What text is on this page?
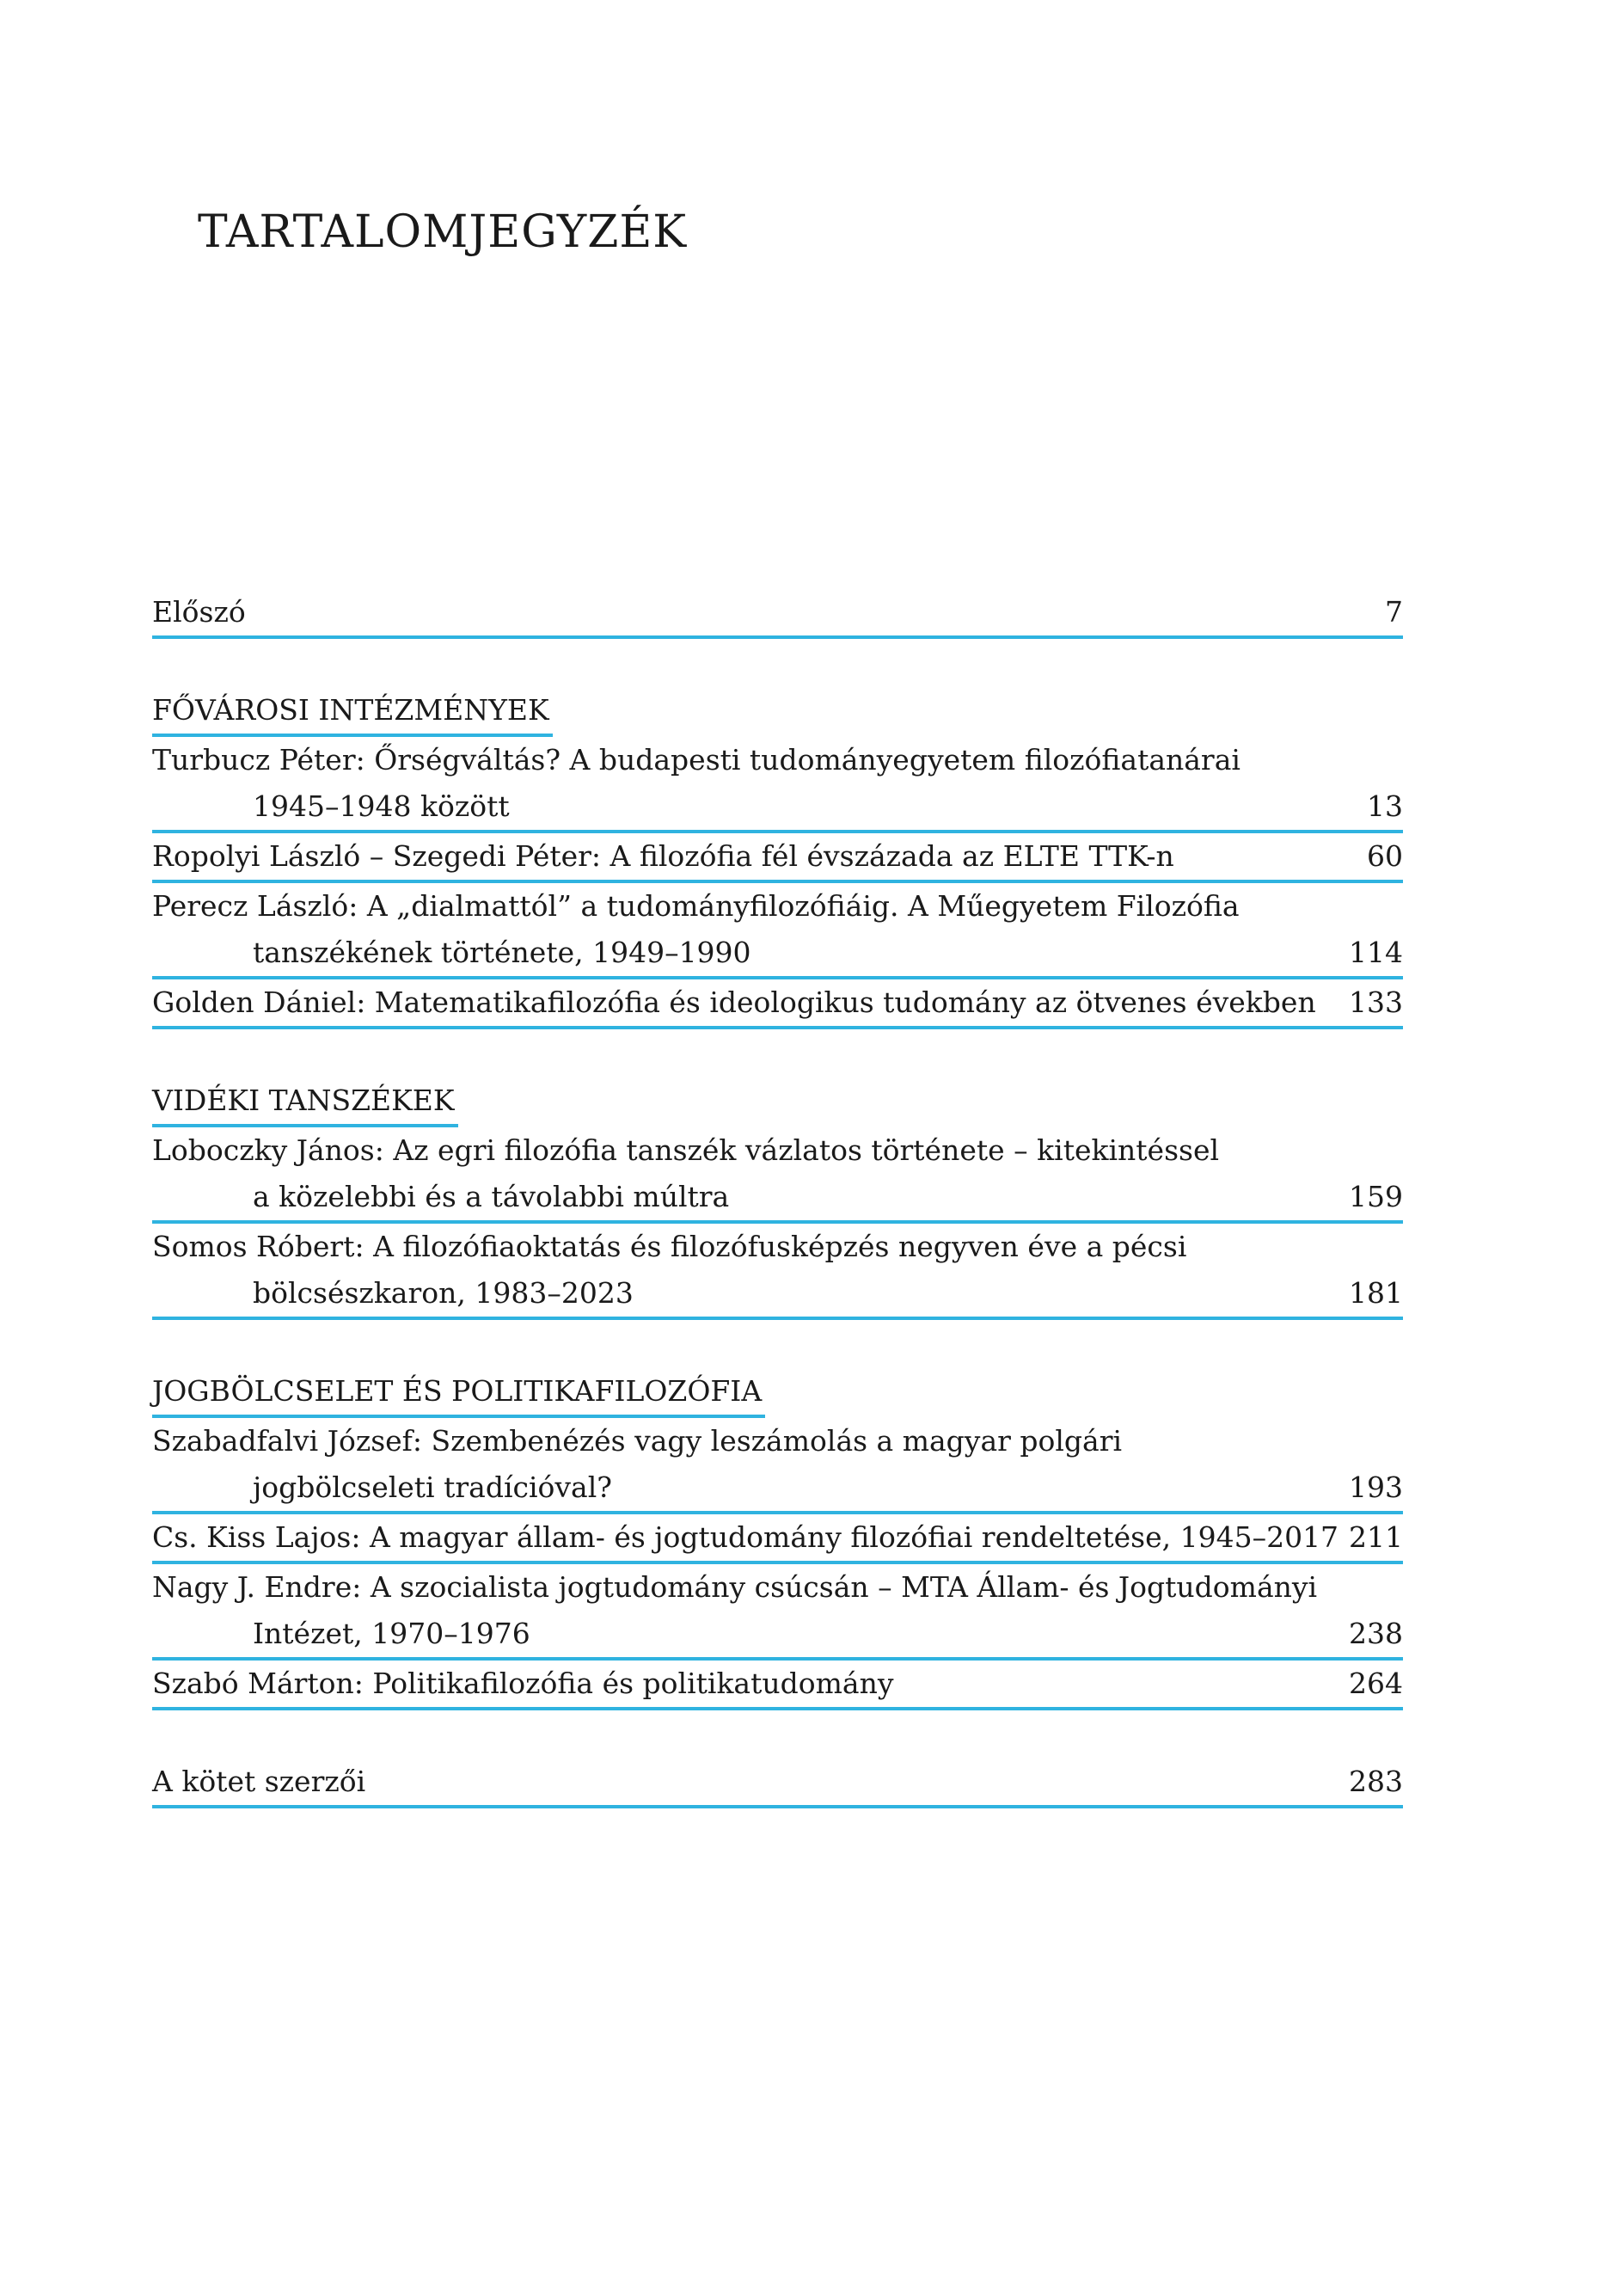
TARTALOMJEGYZÉK
Előszó	7
FŐVÁROSI INTÉZMÉNYEK
Turbucz Péter: Őrségváltás? A budapesti tudományegyetem filozófiatanárai
1945–1948 között	13
Ropolyi László – Szegedi Péter: A filozófia fél évszázada az ELTE TTK-n	60
Perecz László: A „dialmattól” a tudományfilozófiáig. A Műegyetem Filozófia
tanszékének története, 1949–1990	114
Golden Dániel: Matematikafilozófia és ideologikus tudomány az ötvenes években	133
VIDÉKI TANSZÉKEK
Loboczky János: Az egri filozófia tanszék vázlatos története – kitekintéssel
a közelebbi és a távolabbi múltra	159
Somos Róbert: A filozófiaoktatás és filozófusképzés negyven éve a pécsi
bölcsészkaron, 1983–2023	181
JOGBÖLCSELET ÉS POLITIKAFILOZÓFIA
Szabadfalvi József: Szembenézés vagy leszámolás a magyar polgári
jogbölcseleti tradícióval?	193
Cs. Kiss Lajos: A magyar állam- és jogtudomány filozófiai rendeltetése, 1945–2017 211
Nagy J. Endre: A szocialista jogtudomány csúcsán – MTA Állam- és Jogtudományi
Intézet, 1970–1976	238
Szabó Márton: Politikafilozófia és politikatudomány	264
A kötet szerzői	283
